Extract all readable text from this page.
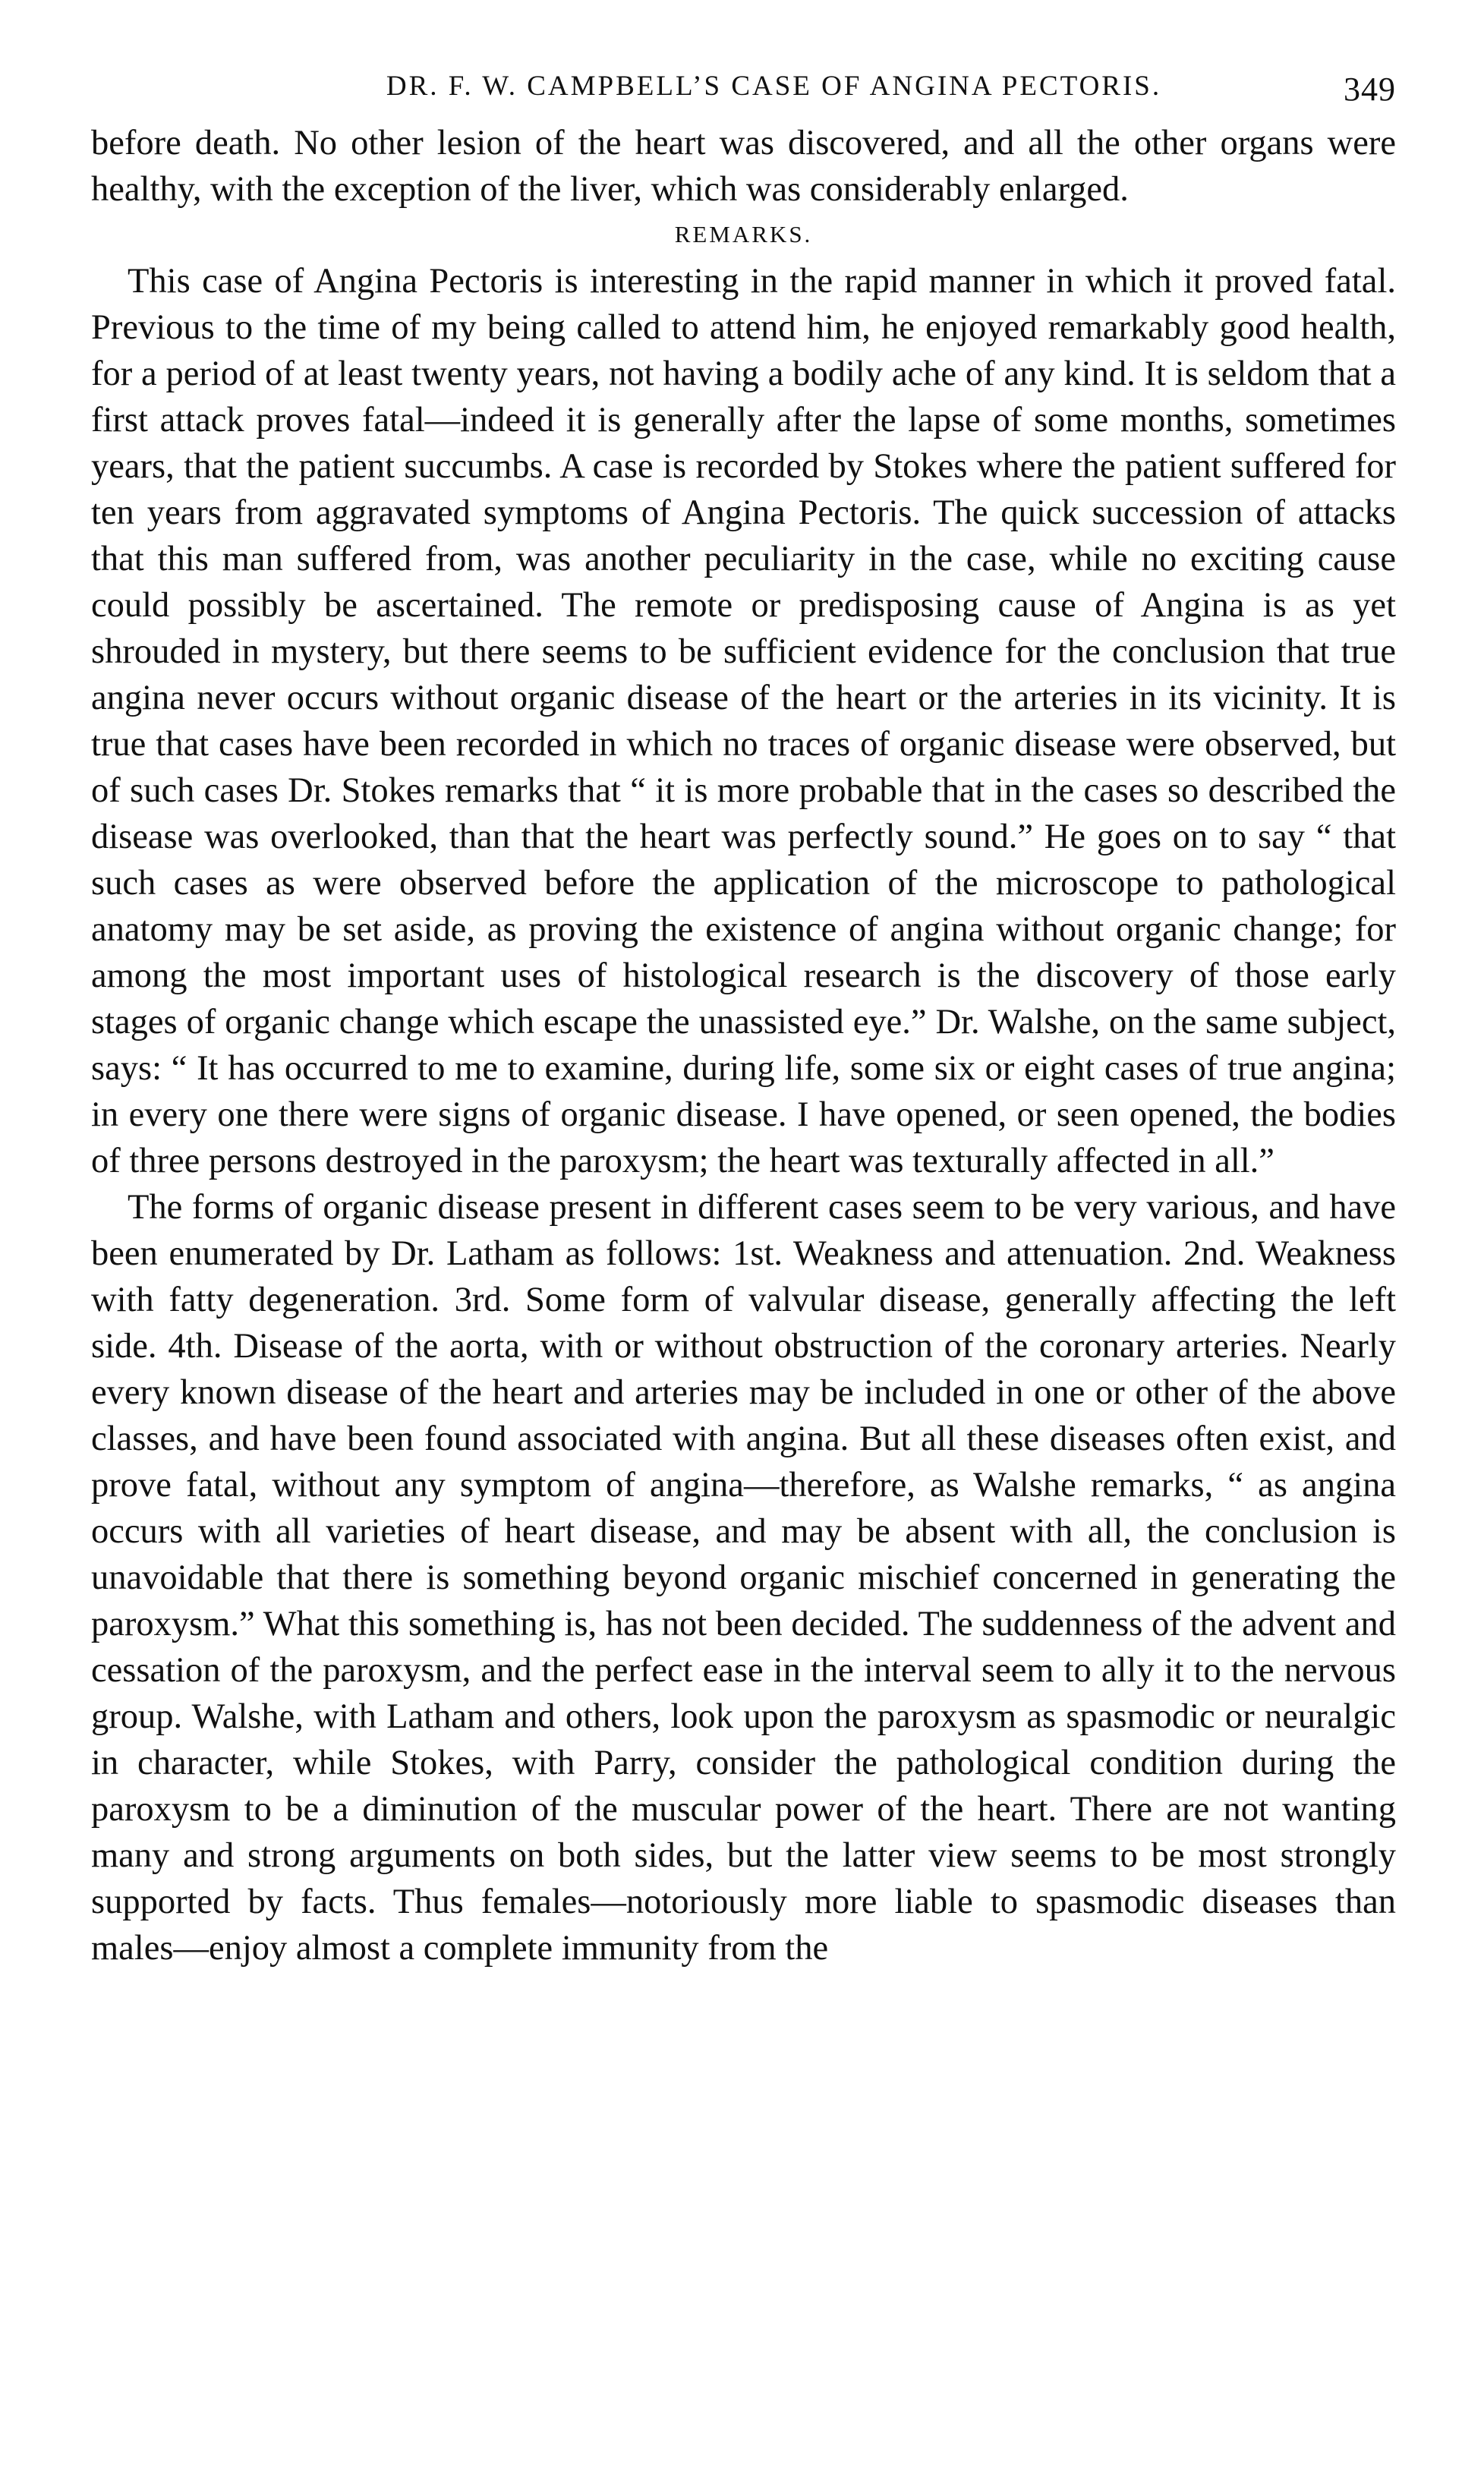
DR. F. W. CAMPBELL’S CASE OF ANGINA PECTORIS.	349

before death. No other lesion of the heart was discovered, and all the other organs were healthy, with the exception of the liver, which was considerably enlarged.

REMARKS.

This case of Angina Pectoris is interesting in the rapid manner in which it proved fatal. Previous to the time of my being called to attend him, he enjoyed remarkably good health, for a period of at least twenty years, not having a bodily ache of any kind. It is seldom that a first attack proves fatal—indeed it is generally after the lapse of some months, sometimes years, that the patient succumbs. A case is recorded by Stokes where the patient suffered for ten years from aggravated symptoms of Angina Pectoris. The quick succession of attacks that this man suffered from, was another peculiarity in the case, while no exciting cause could possibly be ascertained. The remote or predisposing cause of Angina is as yet shrouded in mystery, but there seems to be sufficient evidence for the conclusion that true angina never occurs without organic disease of the heart or the arteries in its vicinity. It is true that cases have been recorded in which no traces of organic disease were observed, but of such cases Dr. Stokes remarks that “ it is more probable that in the cases so described the disease was overlooked, than that the heart was perfectly sound.” He goes on to say “ that such cases as were observed before the application of the microscope to pathological anatomy may be set aside, as proving the existence of angina without organic change; for among the most important uses of histological research is the discovery of those early stages of organic change which escape the unassisted eye.” Dr. Walshe, on the same subject, says: “ It has occurred to me to examine, during life, some six or eight cases of true angina; in every one there were signs of organic disease. I have opened, or seen opened, the bodies of three persons destroyed in the paroxysm; the heart was texturally affected in all.”

The forms of organic disease present in different cases seem to be very various, and have been enumerated by Dr. Latham as follows: 1st. Weakness and attenuation. 2nd. Weakness with fatty degeneration. 3rd. Some form of valvular disease, generally affecting the left side. 4th. Disease of the aorta, with or without obstruction of the coronary arteries. Nearly every known disease of the heart and arteries may be included in one or other of the above classes, and have been found associated with angina. But all these diseases often exist, and prove fatal, without any symptom of angina—therefore, as Walshe remarks, “ as angina occurs with all varieties of heart disease, and may be absent with all, the conclusion is unavoidable that there is something beyond organic mischief concerned in generating the paroxysm.” What this something is, has not been decided. The suddenness of the advent and cessation of the paroxysm, and the perfect ease in the interval seem to ally it to the nervous group. Walshe, with Latham and others, look upon the paroxysm as spasmodic or neuralgic in character, while Stokes, with Parry, consider the pathological condition during the paroxysm to be a diminution of the muscular power of the heart. There are not wanting many and strong arguments on both sides, but the latter view seems to be most strongly supported by facts. Thus females—notoriously more liable to spasmodic diseases than males—enjoy almost a complete immunity from the
